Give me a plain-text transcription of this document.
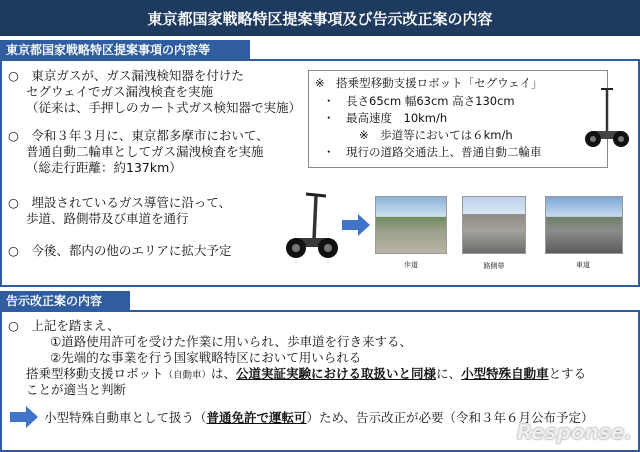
東京都国家戦略特区提案事項及び告示改正案の内容
東京都国家戦略特区提案事項の内容等
○　東京ガスが、ガス漏洩検知器を付けた
セグウェイでガス漏洩検査を実施
（従来は、手押しのカート式ガス検知器で実施）
○　令和３年３月に、東京都多摩市において、
普通自動二輪車としてガス漏洩検査を実施
（総走行距離：約137km）
○　埋設されているガス導管に沿って、
歩道、路側帯及び車道を通行
○　今後、都内の他のエリアに拡大予定
※　搭乗型移動支援ロボット「セグウェイ」
・　長さ65cm 幅63cm 高さ130cm
・　最高速度　10km/h
※　歩道等においては６km/h
・　現行の道路交通法上、普通自動二輪車
歩道	路側帯	車道
告示改正案の内容
○　上記を踏まえ、
①道路使用許可を受けた作業に用いられ、歩車道を行き来する、
②先端的な事業を行う国家戦略特区において用いられる
搭乗型移動支援ロボット（自動車）は、公道実証実験における取扱いと同様に、小型特殊自動車とする
ことが適当と判断
小型特殊自動車として扱う（普通免許で運転可）ため、告示改正が必要（令和３年６月公布予定）
Response.
